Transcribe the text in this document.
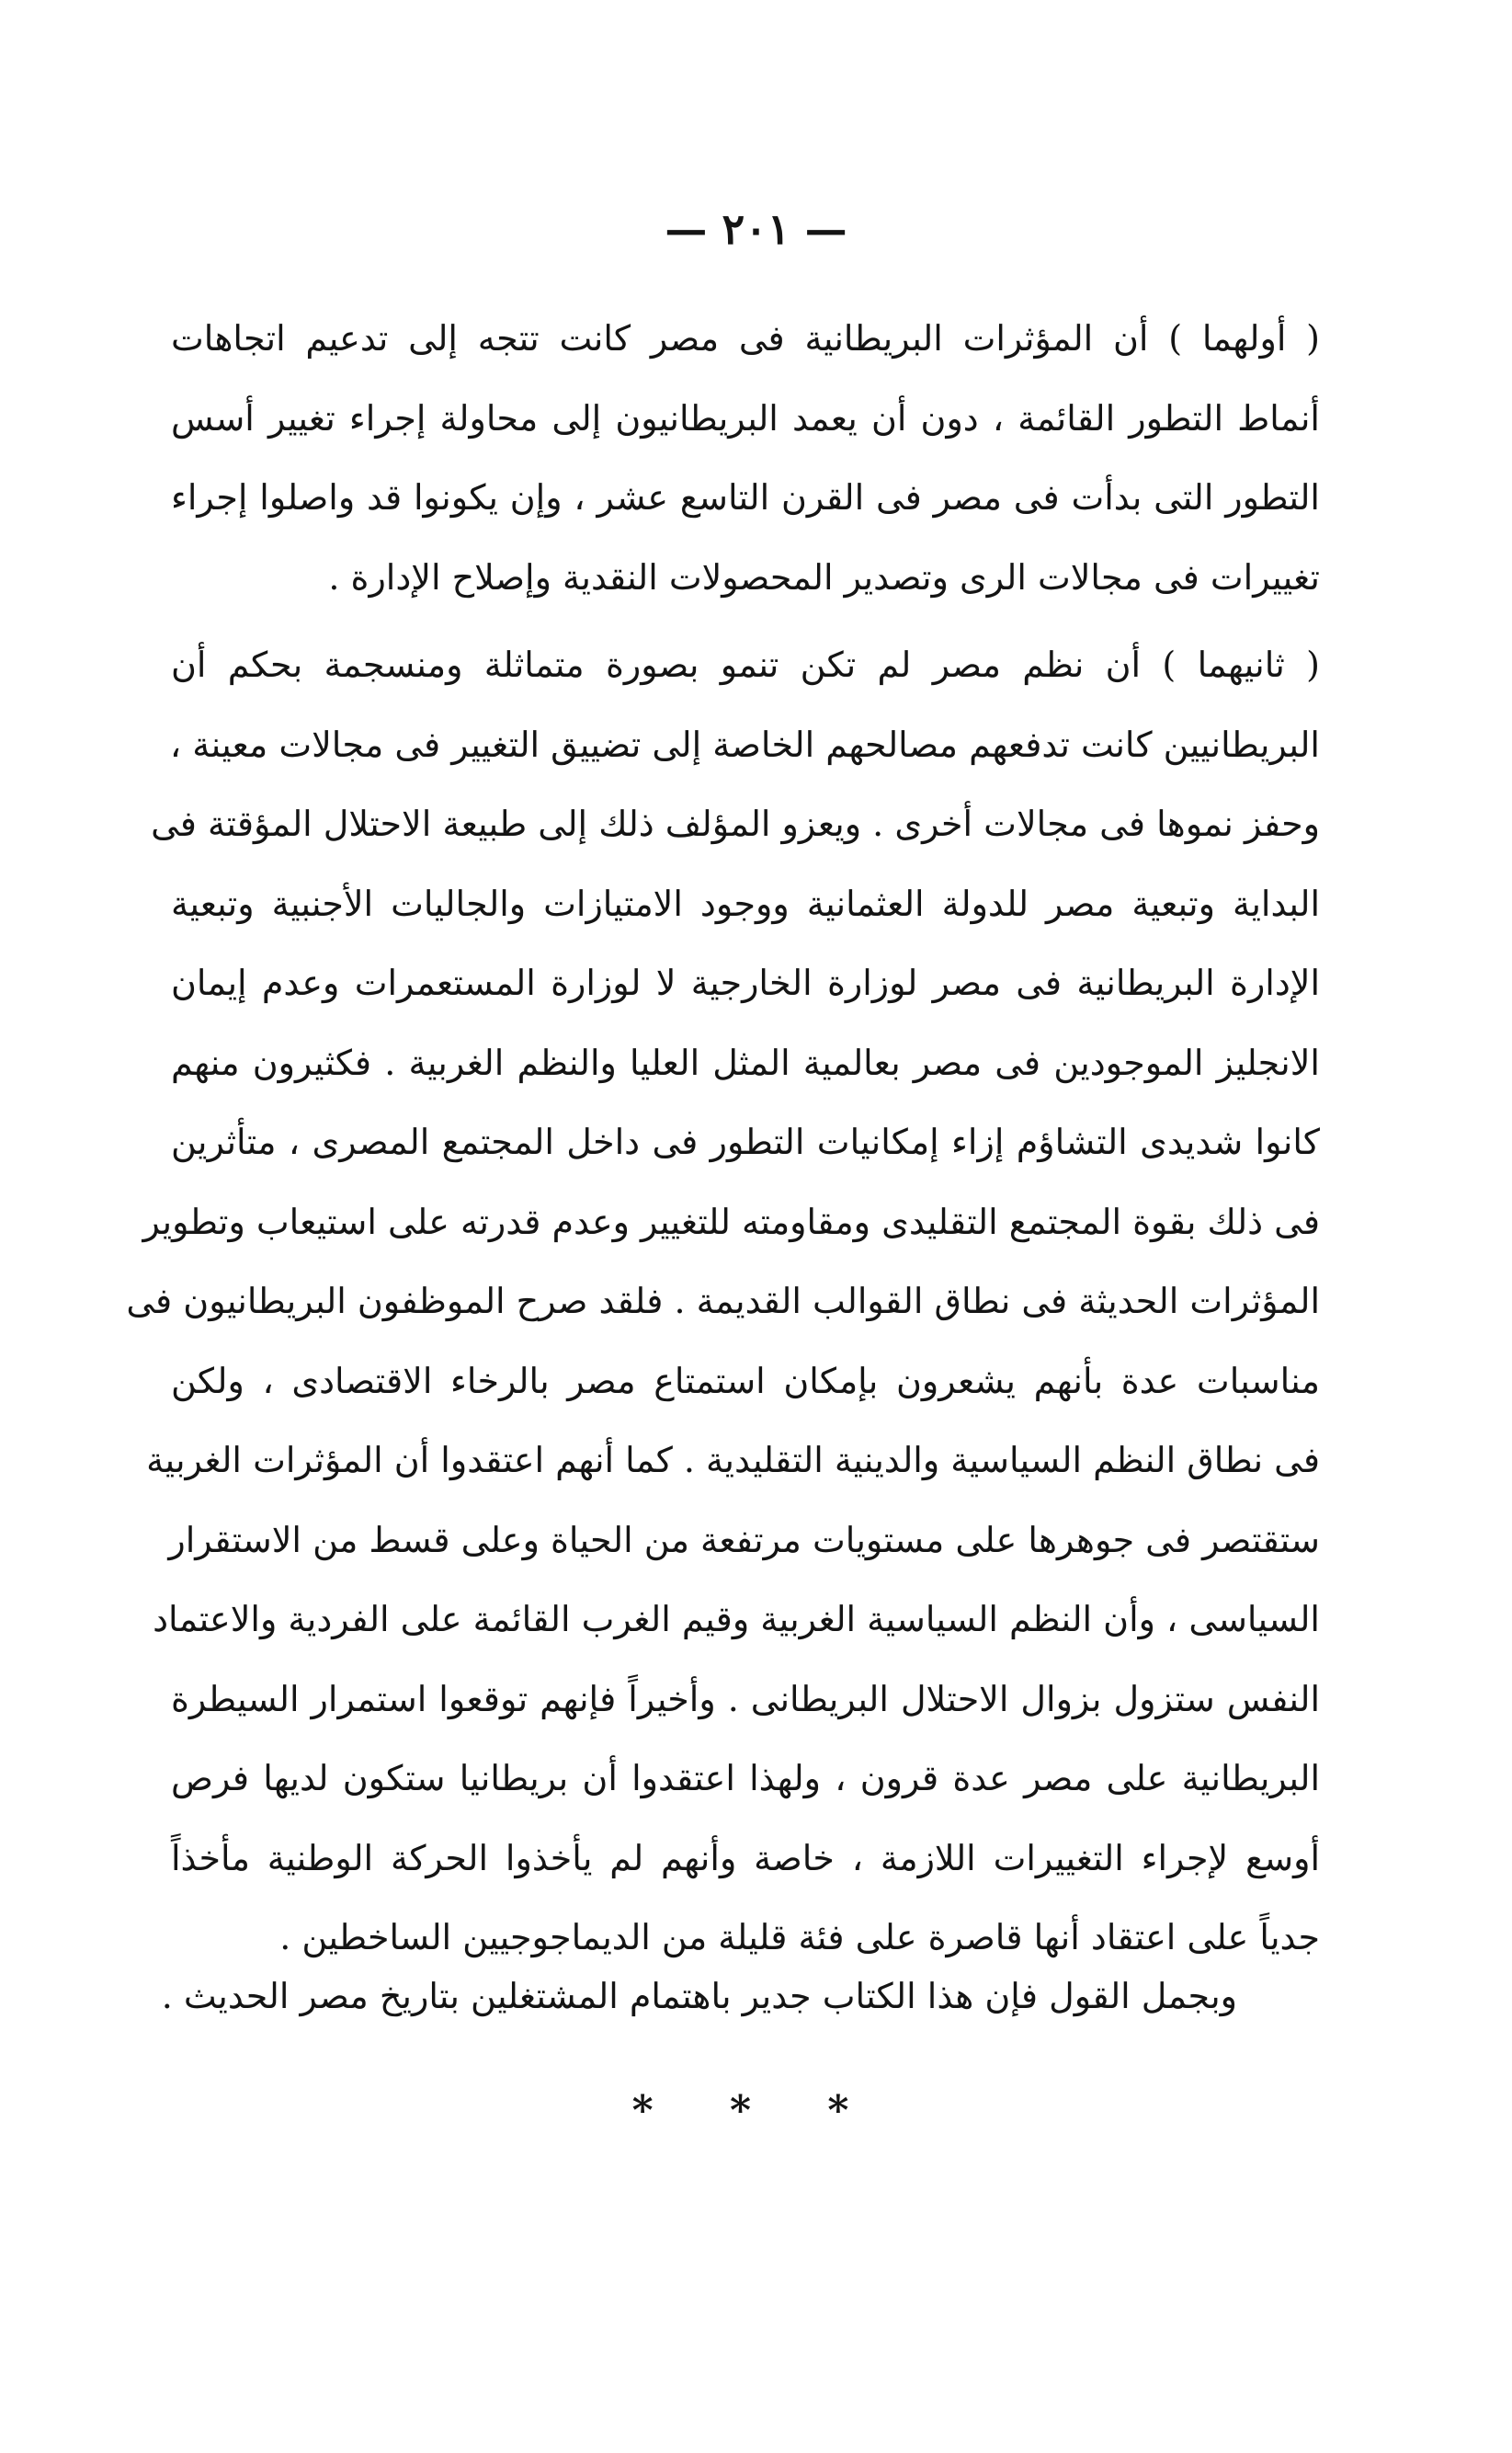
— ٢٠١ —
( أولهما ) أن المؤثرات البريطانية فى مصر كانت تتجه إلى تدعيم اتجاهات
أنماط التطور القائمة ، دون أن يعمد البريطانيون إلى محاولة إجراء تغيير أسس
التطور التى بدأت فى مصر فى القرن التاسع عشر ، وإن يكونوا قد واصلوا إجراء
تغييرات فى مجالات الرى وتصدير المحصولات النقدية وإصلاح الإدارة .
( ثانيهما ) أن نظم مصر لم تكن تنمو بصورة متماثلة ومنسجمة بحكم أن
البريطانيين كانت تدفعهم مصالحهم الخاصة إلى تضييق التغيير فى مجالات معينة ،
وحفز نموها فى مجالات أخرى . ويعزو المؤلف ذلك إلى طبيعة الاحتلال المؤقتة فى
البداية وتبعية مصر للدولة العثمانية ووجود الامتيازات والجاليات الأجنبية وتبعية
الإدارة البريطانية فى مصر لوزارة الخارجية لا لوزارة المستعمرات وعدم إيمان
الانجليز الموجودين فى مصر بعالمية المثل العليا والنظم الغربية . فكثيرون منهم
كانوا شديدى التشاؤم إزاء إمكانيات التطور فى داخل المجتمع المصرى ، متأثرين
فى ذلك بقوة المجتمع التقليدى ومقاومته للتغيير وعدم قدرته على استيعاب وتطوير
المؤثرات الحديثة فى نطاق القوالب القديمة . فلقد صرح الموظفون البريطانيون فى
مناسبات عدة بأنهم يشعرون بإمكان استمتاع مصر بالرخاء الاقتصادى ، ولكن
فى نطاق النظم السياسية والدينية التقليدية . كما أنهم اعتقدوا أن المؤثرات الغربية
ستقتصر فى جوهرها على مستويات مرتفعة من الحياة وعلى قسط من الاستقرار
السياسى ، وأن النظم السياسية الغربية وقيم الغرب القائمة على الفردية والاعتماد
النفس ستزول بزوال الاحتلال البريطانى . وأخيراً فإنهم توقعوا استمرار السيطرة
البريطانية على مصر عدة قرون ، ولهذا اعتقدوا أن بريطانيا ستكون لديها فرص
أوسع لإجراء التغييرات اللازمة ، خاصة وأنهم لم يأخذوا الحركة الوطنية مأخذاً
جدياً على اعتقاد أنها قاصرة على فئة قليلة من الديماجوجيين الساخطين .
وبجمل القول فإن هذا الكتاب جدير باهتمام المشتغلين بتاريخ مصر الحديث .
* * *
